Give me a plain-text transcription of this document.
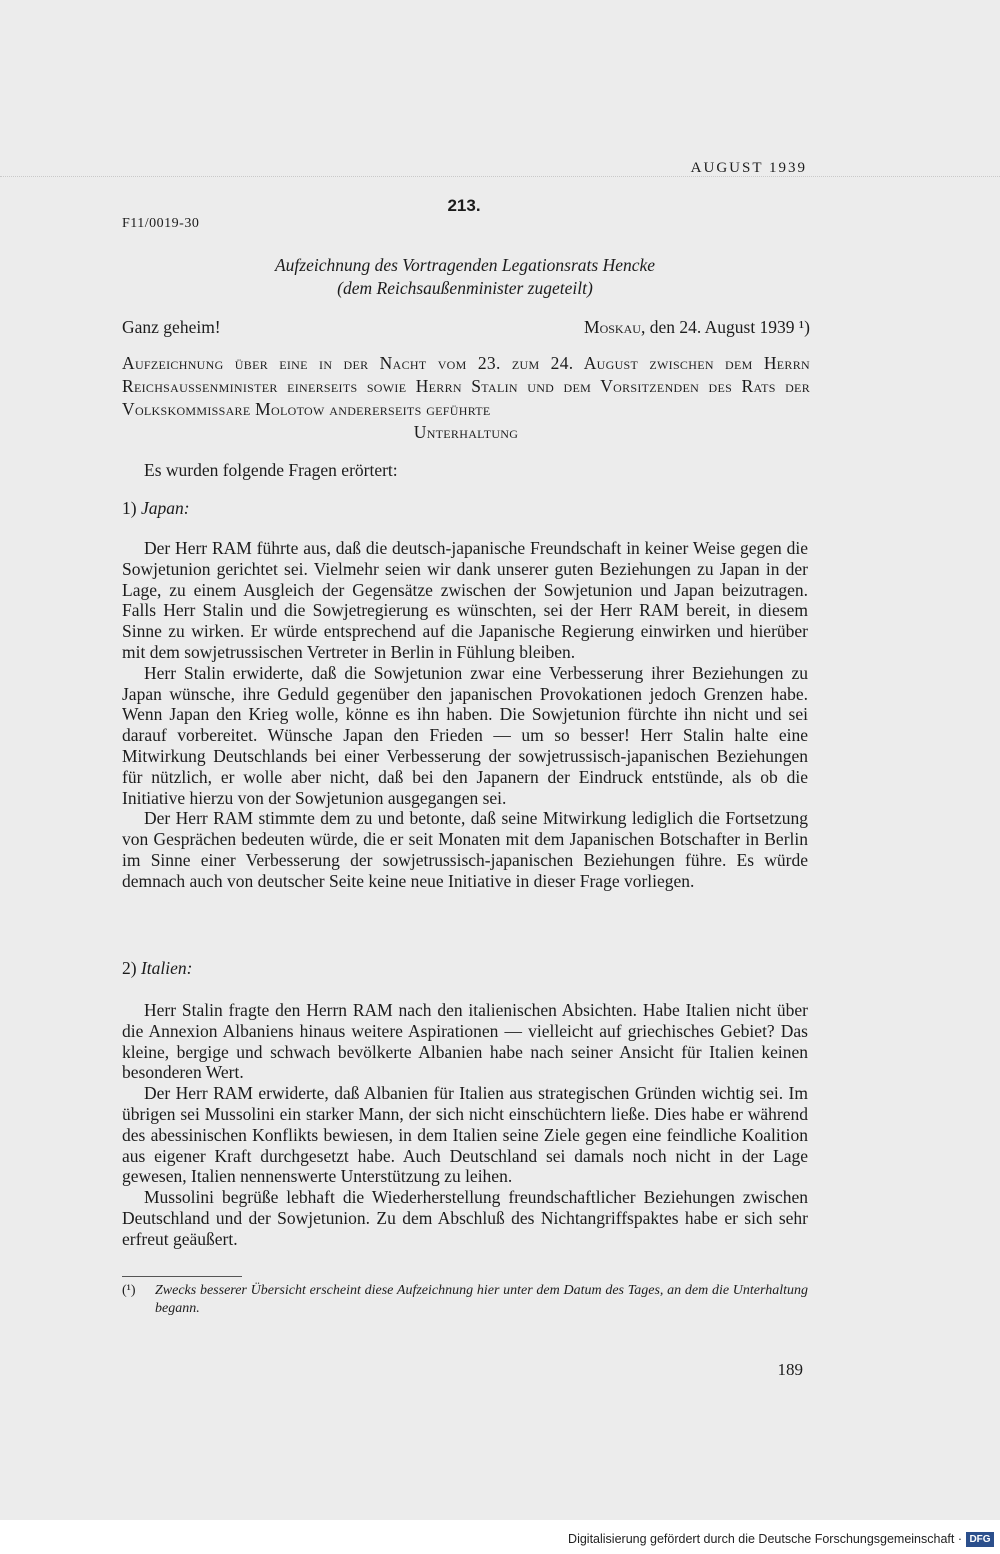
AUGUST 1939
213.
F11/0019-30
Aufzeichnung des Vortragenden Legationsrats Hencke
(dem Reichsaußenminister zugeteilt)
Ganz geheim!	Moskau, den 24. August 1939 ¹)
Aufzeichnung über eine in der Nacht vom 23. zum 24. August zwischen dem Herrn Reichsaussenminister einerseits sowie Herrn Stalin und dem Vorsitzenden des Rats der Volkskommissare Molotow andererseits geführte
Unterhaltung
Es wurden folgende Fragen erörtert:
1) Japan:

Der Herr RAM führte aus, daß die deutsch-japanische Freundschaft in keiner Weise gegen die Sowjetunion gerichtet sei. Vielmehr seien wir dank unserer guten Beziehungen zu Japan in der Lage, zu einem Ausgleich der Gegensätze zwischen der Sowjetunion und Japan beizutragen. Falls Herr Stalin und die Sowjetregierung es wünschten, sei der Herr RAM bereit, in diesem Sinne zu wirken. Er würde entsprechend auf die Japanische Regierung einwirken und hierüber mit dem sowjetrussischen Vertreter in Berlin in Fühlung bleiben.

Herr Stalin erwiderte, daß die Sowjetunion zwar eine Verbesserung ihrer Beziehungen zu Japan wünsche, ihre Geduld gegenüber den japanischen Provokationen jedoch Grenzen habe. Wenn Japan den Krieg wolle, könne es ihn haben. Die Sowjetunion fürchte ihn nicht und sei darauf vorbereitet. Wünsche Japan den Frieden — um so besser! Herr Stalin halte eine Mitwirkung Deutschlands bei einer Verbesserung der sowjetrussisch-japanischen Beziehungen für nützlich, er wolle aber nicht, daß bei den Japanern der Eindruck entstünde, als ob die Initiative hierzu von der Sowjetunion ausgegangen sei.

Der Herr RAM stimmte dem zu und betonte, daß seine Mitwirkung lediglich die Fortsetzung von Gesprächen bedeuten würde, die er seit Monaten mit dem Japanischen Botschafter in Berlin im Sinne einer Verbesserung der sowjetrussisch-japanischen Beziehungen führe. Es würde demnach auch von deutscher Seite keine neue Initiative in dieser Frage vorliegen.

2) Italien:

Herr Stalin fragte den Herrn RAM nach den italienischen Absichten. Habe Italien nicht über die Annexion Albaniens hinaus weitere Aspirationen — vielleicht auf griechisches Gebiet? Das kleine, bergige und schwach bevölkerte Albanien habe nach seiner Ansicht für Italien keinen besonderen Wert.

Der Herr RAM erwiderte, daß Albanien für Italien aus strategischen Gründen wichtig sei. Im übrigen sei Mussolini ein starker Mann, der sich nicht einschüchtern ließe. Dies habe er während des abessinischen Konflikts bewiesen, in dem Italien seine Ziele gegen eine feindliche Koalition aus eigener Kraft durchgesetzt habe. Auch Deutschland sei damals noch nicht in der Lage gewesen, Italien nennenswerte Unterstützung zu leihen.

Mussolini begrüße lebhaft die Wiederherstellung freundschaftlicher Beziehungen zwischen Deutschland und der Sowjetunion. Zu dem Abschluß des Nichtangriffspaktes habe er sich sehr erfreut geäußert.

(¹) Zwecks besserer Übersicht erscheint diese Aufzeichnung hier unter dem Datum des Tages, an dem die Unterhaltung begann.
189
Digitalisierung gefördert durch die Deutsche Forschungsgemeinschaft · DFG
